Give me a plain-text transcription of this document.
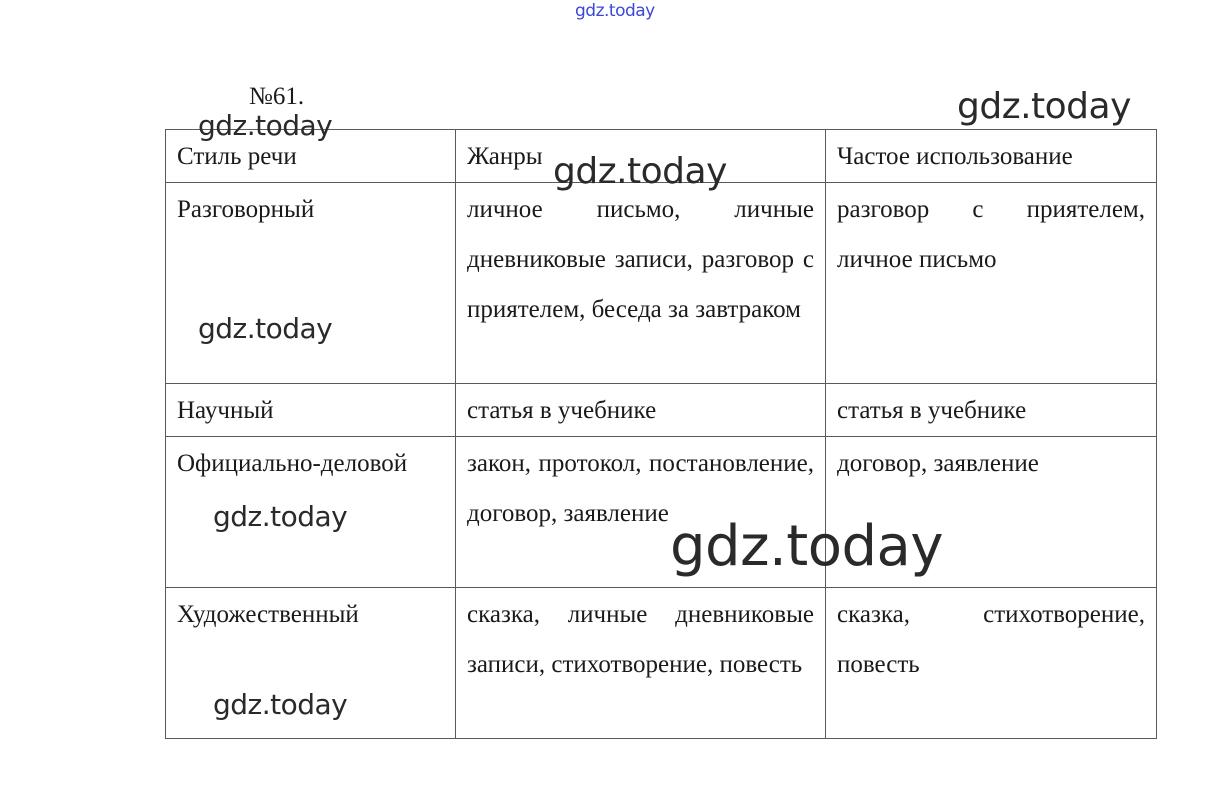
gdz.today
№61.
Стиль речи	Жанры	Частое использование
Разговорный	личное письмо, личные дневниковые записи, разговор с приятелем, беседа за завтраком	разговор с приятелем, личное письмо
Научный	статья в учебнике	статья в учебнике
Официально-деловой	закон, протокол, постановление, договор, заявление	договор, заявление
Художественный	сказка, личные дневниковые записи, стихотворение, повесть	сказка, стихотворение, повесть
gdz.today	gdz.today
gdz.today
gdz.today
gdz.today	gdz.today
gdz.today
